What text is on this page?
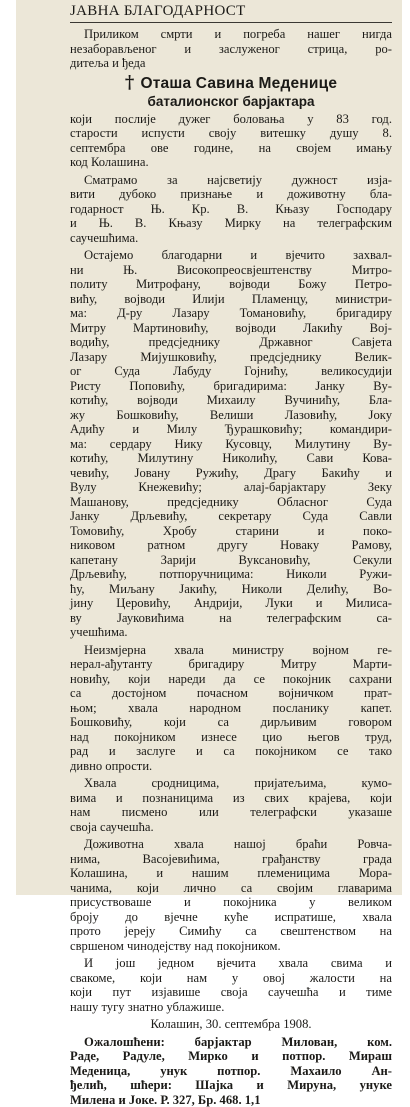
ЈАВНА БЛАГОДАРНОСТ
Приликом смрти и погреба нашег нигда
незаборављеног и заслуженог стрица, ро-
дитеља и ђеда
† Оташа Савина Меденице
баталионског барјактара
који послије дужег боловања у 83 год.
старости испусти своју витешку душу 8.
септембра ове године, на својем имању
код Колашина.
Сматрамо за најсветију дужност изја-
вити дубоко признање и доживотну бла-
годарност Њ. Кр. В. Књазу Господару
и Њ. В. Књазу Мирку на телеграфским
саучешћима.
Остајемо благодарни и вјечито захвал-
ни Њ. Високопреосвјештенству Митро-
политу Митрофану, војводи Божу Петро-
вићу, војводи Илији Пламенцу, министри-
ма: Д-ру Лазару Томановићу, бригадиру
Митру Мартиновићу, војводи Лакићу Вој-
водићу, предсједнику Државног Савјета
Лазару Мијушковићу, предсједнику Велик-
ог Суда Лабуду Гојнићу, великосудији
Ристу Поповићу, бригадирима: Јанку Ву-
котићу, војводи Михаилу Вучинићу, Бла-
жу Бошковићу, Велиши Лазовићу, Јоку
Адићу и Милу Ђурашковићу; командири-
ма: сердару Нику Кусовцу, Милутину Ву-
котићу, Милутину Николићу, Сави Кова-
чевићу, Јовану Ружићу, Драгу Бакићу и
Вулу Кнежевићу; алај-барјактару Зеку
Машанову, предсједнику Обласног Суда
Јанку Дрљевићу, секретару Суда Савли
Томовићу, Хробу старини и поко-
никовом ратном другу Новаку Рамову,
капетану Зарији Вуксановићу, Секули
Дрљевићу, потпоручницима: Николи Ружи-
ћу, Миљану Јакићу, Николи Делићу, Во-
јину Церовићу, Андрији, Луки и Милиса-
ву Јауковићима на телеграфским са-
учешћима.
Неизмјерна хвала министру војном ге-
нерал-ађутанту бригадиру Митру Марти-
новићу, који нареди да се покојник сахрани
са достојном почасном војничком прат-
њом; хвала народном посланику капет.
Бошковићу, који са дирљивим говором
над покојником изнесе цио његов труд,
рад и заслуге и са покојником се тако
дивно опрости.
Хвала сродницима, пријатељима, кумо-
вима и познаницима из свих крајева, који
нам писмено или телеграфски указаше
своја саучешћа.
Доживотна хвала нашој браћи Ровча-
нима, Васојевићима, грађанству града
Колашина, и нашим племеницима Мора-
чанима, који лично са својим главарима
присуствоваше и покојника у великом
броју до вјечне куће испратише, хвала
прото јереју Симићу са свештенством на
свршеном чинодејству над покојником.
И још једном вјечита хвала свима и
свакоме, који нам у овој жалости на
који пут изјавише своја саучешћа и тиме
нашу тугу знатно ублажише.
Колашин, 30. септембра 1908.
Ожалошћени: барјактар Милован, ком.
Раде, Радуле, Мирко и потпор. Мираш
Меденица, унук потпор. Махаило Ан-
ђелић, шћери: Шајка и Мируна, унуке
Милена и Јоке. Р. 327, Бр. 468. 1,1
